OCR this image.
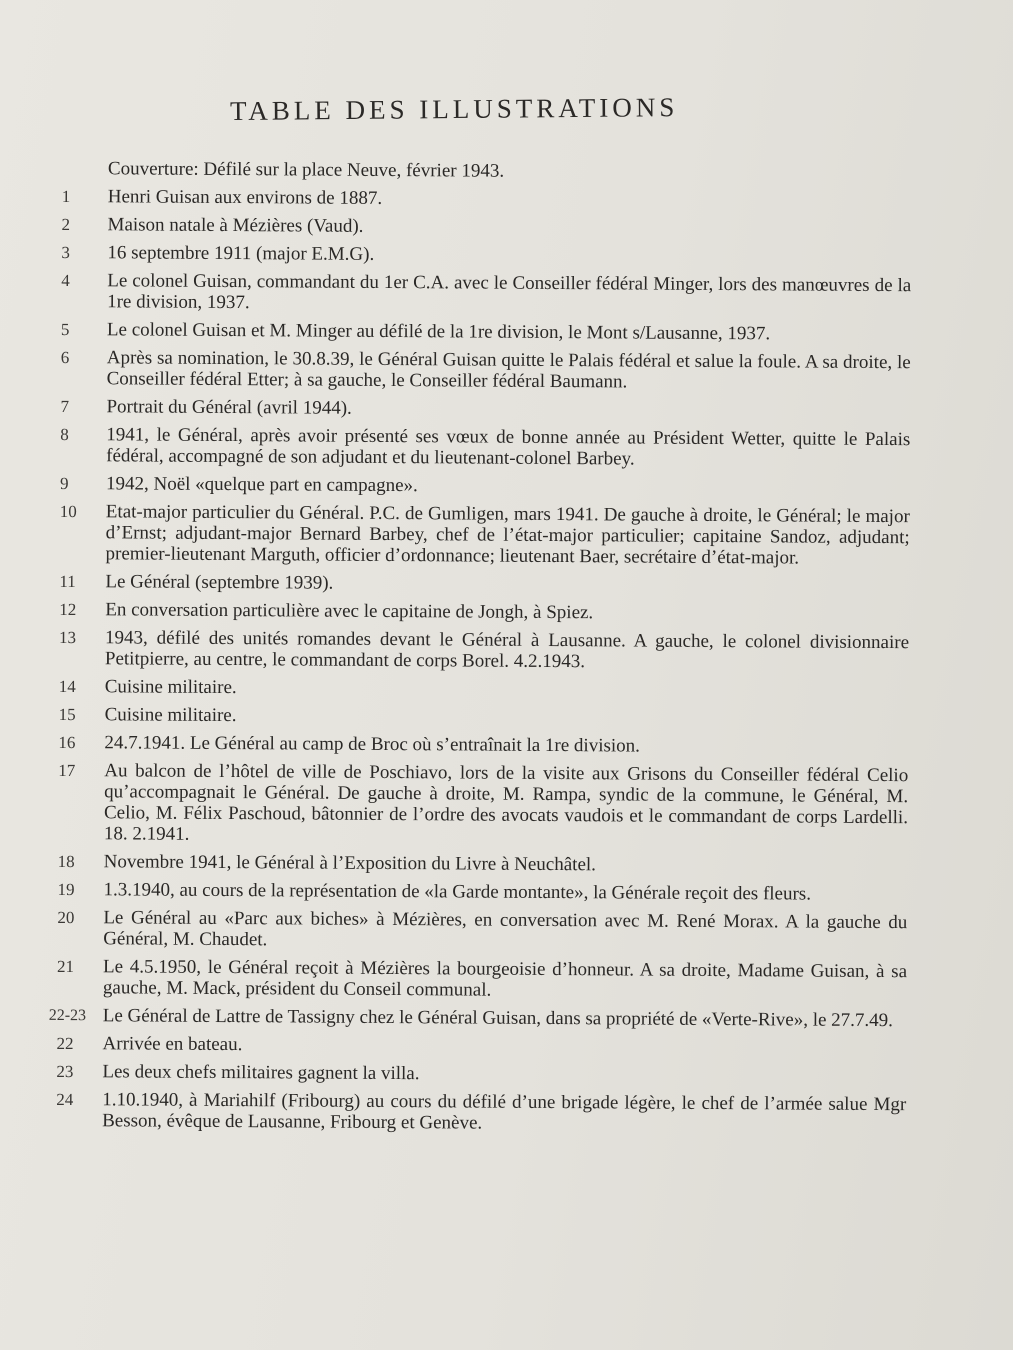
TABLE DES ILLUSTRATIONS
Couverture: Défilé sur la place Neuve, février 1943.
1	Henri Guisan aux environs de 1887.
2	Maison natale à Mézières (Vaud).
3	16 septembre 1911 (major E.M.G).
4	Le colonel Guisan, commandant du 1er C.A. avec le Conseiller fédéral Minger, lors des manœuvres de la 1re division, 1937.
5	Le colonel Guisan et M. Minger au défilé de la 1re division, le Mont s/Lausanne, 1937.
6	Après sa nomination, le 30.8.39, le Général Guisan quitte le Palais fédéral et salue la foule. A sa droite, le Conseiller fédéral Etter; à sa gauche, le Conseiller fédéral Baumann.
7	Portrait du Général (avril 1944).
8	1941, le Général, après avoir présenté ses vœux de bonne année au Président Wetter, quitte le Palais fédéral, accompagné de son adjudant et du lieutenant-colonel Barbey.
9	1942, Noël «quelque part en campagne».
10	Etat-major particulier du Général. P.C. de Gumligen, mars 1941. De gauche à droite, le Général; le major d’Ernst; adjudant-major Bernard Barbey, chef de l’état-major particulier; capitaine Sandoz, adjudant; premier-lieutenant Marguth, officier d’ordonnance; lieutenant Baer, secrétaire d’état-major.
11	Le Général (septembre 1939).
12	En conversation particulière avec le capitaine de Jongh, à Spiez.
13	1943, défilé des unités romandes devant le Général à Lausanne. A gauche, le colonel divisionnaire Petitpierre, au centre, le commandant de corps Borel. 4.2.1943.
14	Cuisine militaire.
15	Cuisine militaire.
16	24.7.1941. Le Général au camp de Broc où s’entraînait la 1re division.
17	Au balcon de l’hôtel de ville de Poschiavo, lors de la visite aux Grisons du Conseiller fédéral Celio qu’accompagnait le Général. De gauche à droite, M. Rampa, syndic de la commune, le Général, M. Celio, M. Félix Paschoud, bâtonnier de l’ordre des avocats vaudois et le commandant de corps Lardelli. 18. 2.1941.
18	Novembre 1941, le Général à l’Exposition du Livre à Neuchâtel.
19	1.3.1940, au cours de la représentation de «la Garde montante», la Générale reçoit des fleurs.
20	Le Général au «Parc aux biches» à Mézières, en conversation avec M. René Morax. A la gauche du Général, M. Chaudet.
21	Le 4.5.1950, le Général reçoit à Mézières la bourgeoisie d’honneur. A sa droite, Madame Guisan, à sa gauche, M. Mack, président du Conseil communal.
22-23 Le Général de Lattre de Tassigny chez le Général Guisan, dans sa propriété de «Verte-Rive», le 27.7.49.
22	Arrivée en bateau.
23	Les deux chefs militaires gagnent la villa.
24	1.10.1940, à Mariahilf (Fribourg) au cours du défilé d’une brigade légère, le chef de l’armée salue Mgr Besson, évêque de Lausanne, Fribourg et Genève.
